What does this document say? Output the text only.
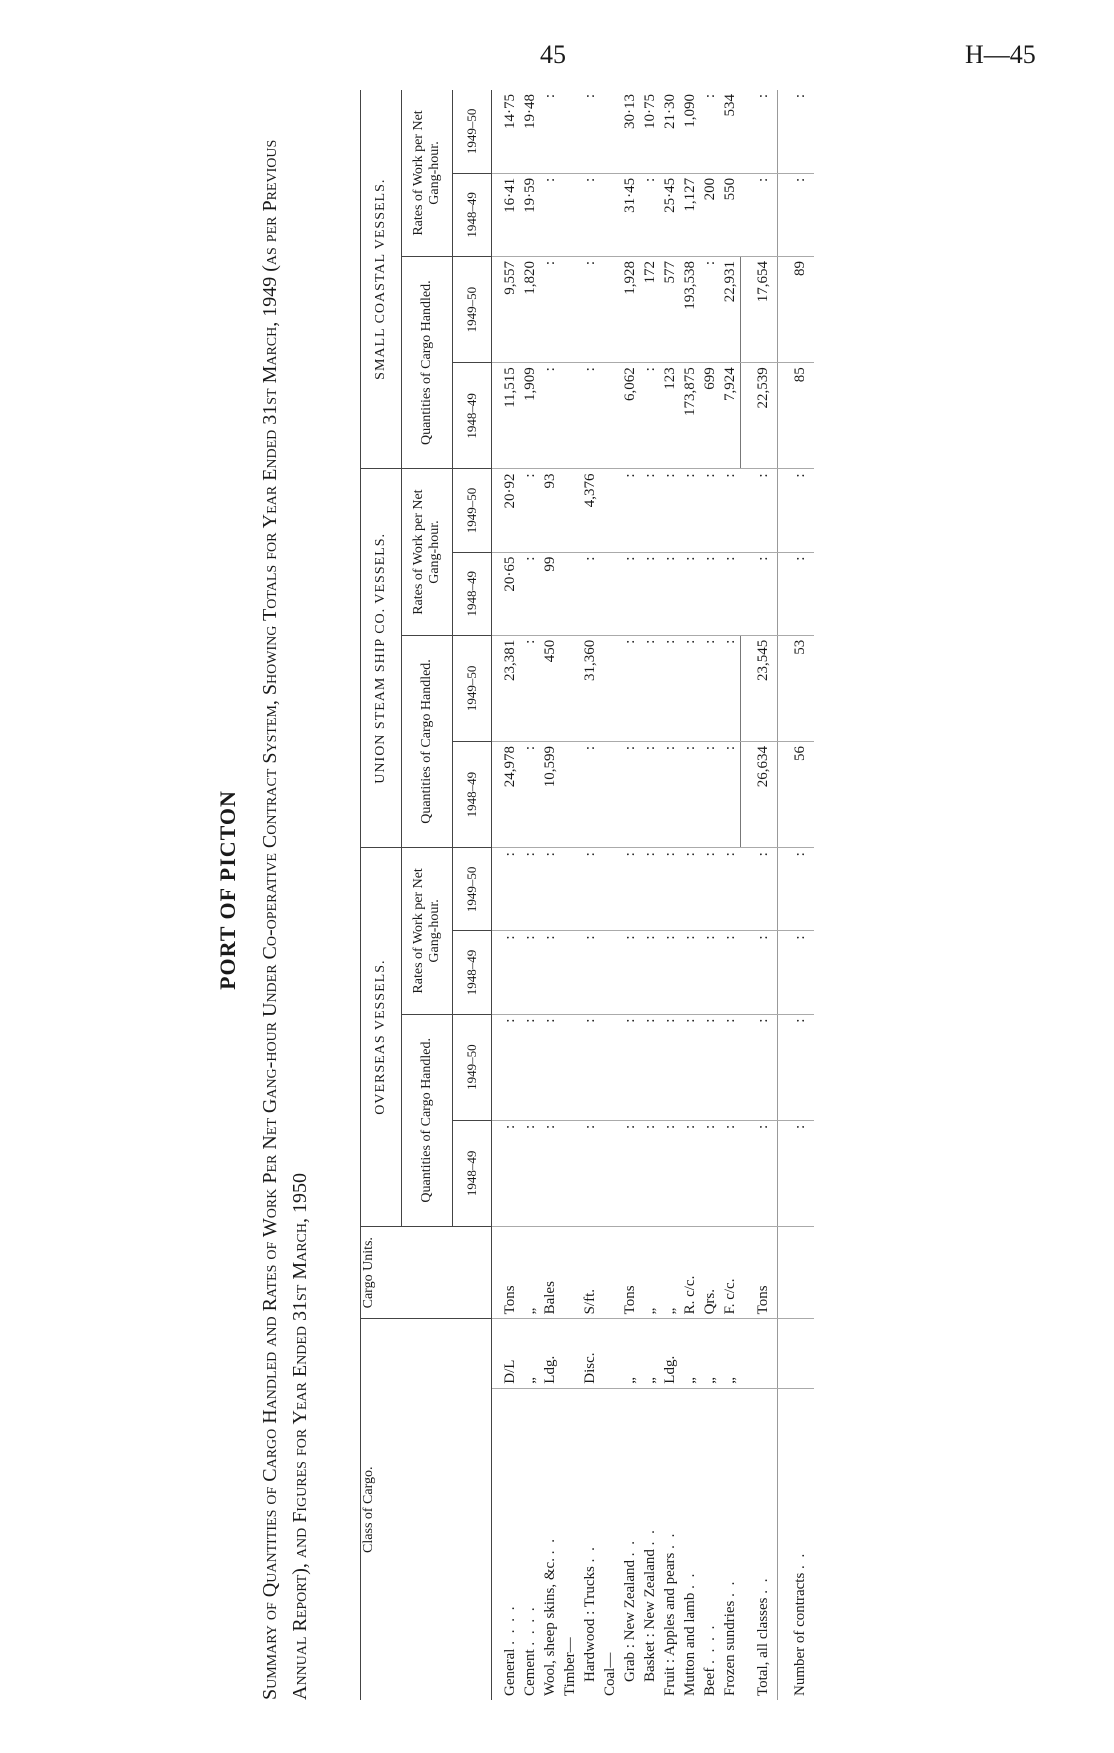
45	H—45
PORT OF PICTON Summary of Quantities of Cargo Handled and Rates of Work Per Net Gang-hour Under Co-operative Contract System, Showing Totals for Year Ended 31st March, 1949 (as per Previous Annual Report), and Figures for Year Ended 31st March, 1950	Class of Cargo.		Cargo Units.	OVERSEAS VESSELS.				UNION STEAM SHIP CO. VESSELS.				SMALL COASTAL VESSELS.			
			Quantities of Cargo Handled.		Rates of Work per Net Gang-hour.		Quantities of Cargo Handled.		Rates of Work per Net Gang-hour.		Quantities of Cargo Handled.		Rates of Work per Net Gang-hour.	
			1948–49	1949–50	1948–49	1949–50	1948–49	1949–50	1948–49	1949–50	1948–49	1949–50	1948–49	1949–50

General . . . .	D/L	Tons	:	:	:	:	24,978	23,381	20·65	20·92	11,515	9,557	16·41	14·75
Cement . . . .	„	„	:	:	:	:	:	:	:	:	1,909	1,820	19·59	19·48
Wool, sheep skins, &c. . .	Ldg.	Bales	:	:	:	:	10,599	450	99	93	:	:	:	:
Timber—														
Hardwood : Trucks . .	Disc.	S/ft.	:	:	:	:	:	31,360	:	4,376	:	:	:	:
Coal—														
Grab : New Zealand . .	„	Tons	:	:	:	:	:	:	:	:	6,062	1,928	31·45	30·13
Basket : New Zealand . .	„	„	:	:	:	:	:	:	:	:	:	172	:	10·75
Fruit : Apples and pears . .	Ldg.	„	:	:	:	:	:	:	:	:	123	577	25·45	21·30
Mutton and lamb . .	„	R. c/c.	:	:	:	:	:	:	:	:	173,875	193,538	1,127	1,090
Beef . . . .	„	Qrs.	:	:	:	:	:	:	:	:	699	:	200	:
Frozen sundries . .	„	F. c/c.	:	:	:	:	:	:	:	:	7,924	22,931	550	534
Total, all classes . .		Tons	:	:	:	:	26,634	23,545	:	:	22,539	17,654	:	:
Number of contracts . .			:	:	:	:	56	53	:	:	85	89	:	:
